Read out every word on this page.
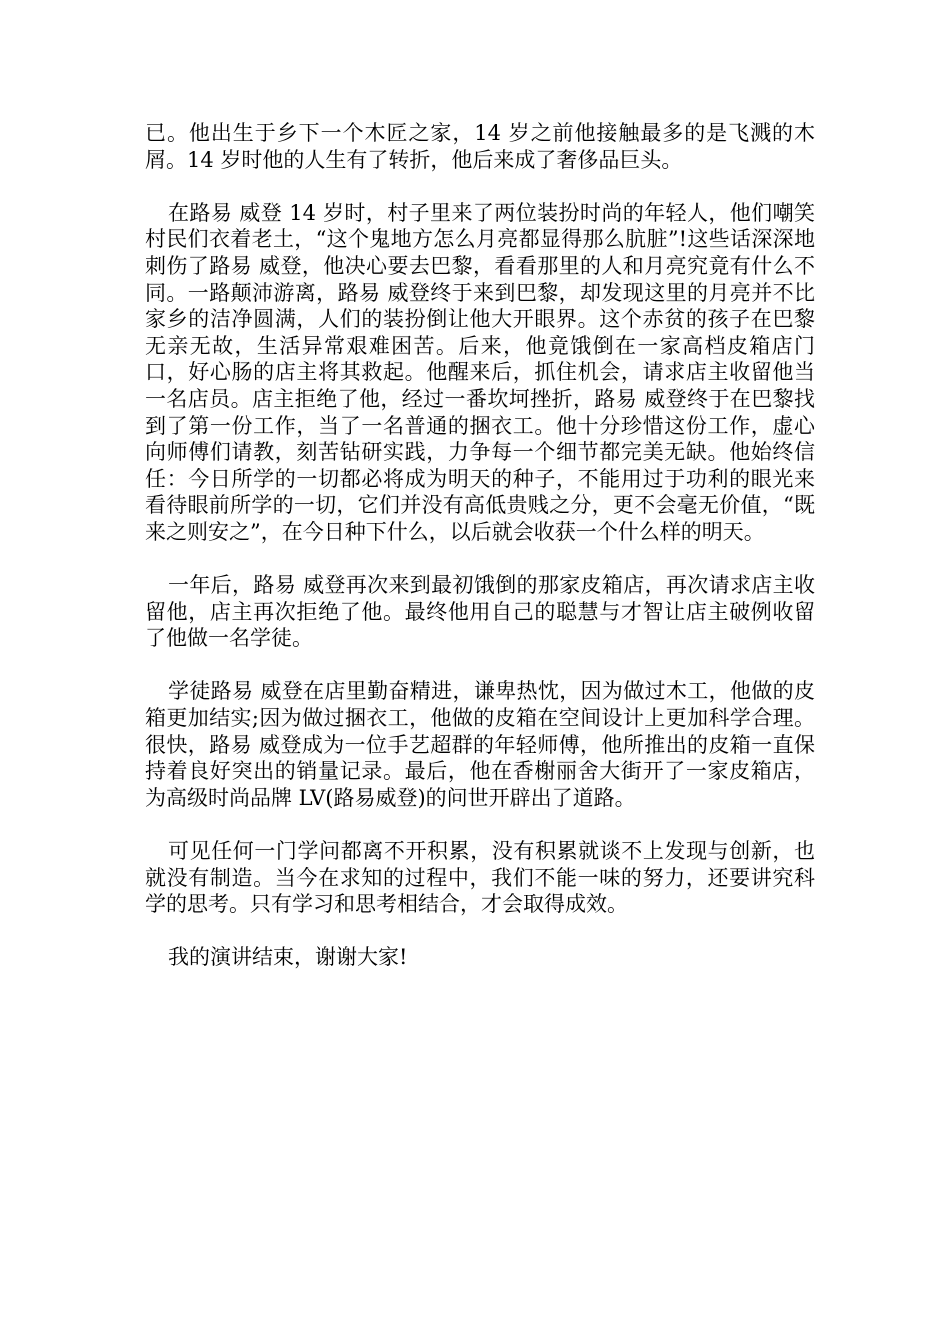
已。他出生于乡下一个木匠之家，14 岁之前他接触最多的是飞溅的木屑。14 岁时他的人生有了转折，他后来成了奢侈品巨头。

在路易 威登 14 岁时，村子里来了两位装扮时尚的年轻人，他们嘲笑村民们衣着老土，“这个鬼地方怎么月亮都显得那么肮脏”!这些话深深地刺伤了路易 威登，他决心要去巴黎，看看那里的人和月亮究竟有什么不同。一路颠沛游离，路易 威登终于来到巴黎，却发现这里的月亮并不比家乡的洁净圆满，人们的装扮倒让他大开眼界。这个赤贫的孩子在巴黎无亲无故，生活异常艰难困苦。后来，他竟饿倒在一家高档皮箱店门口，好心肠的店主将其救起。他醒来后，抓住机会，请求店主收留他当一名店员。店主拒绝了他，经过一番坎坷挫折，路易 威登终于在巴黎找到了第一份工作，当了一名普通的捆衣工。他十分珍惜这份工作，虚心向师傅们请教，刻苦钻研实践，力争每一个细节都完美无缺。他始终信任：今日所学的一切都必将成为明天的种子，不能用过于功利的眼光来看待眼前所学的一切，它们并没有高低贵贱之分，更不会毫无价值，“既来之则安之”，在今日种下什么，以后就会收获一个什么样的明天。

一年后，路易 威登再次来到最初饿倒的那家皮箱店，再次请求店主收留他，店主再次拒绝了他。最终他用自己的聪慧与才智让店主破例收留了他做一名学徒。

学徒路易 威登在店里勤奋精进，谦卑热忱，因为做过木工，他做的皮箱更加结实;因为做过捆衣工，他做的皮箱在空间设计上更加科学合理。很快，路易 威登成为一位手艺超群的年轻师傅，他所推出的皮箱一直保持着良好突出的销量记录。最后，他在香榭丽舍大街开了一家皮箱店，为高级时尚品牌 LV(路易威登)的问世开辟出了道路。

可见任何一门学问都离不开积累，没有积累就谈不上发现与创新，也就没有制造。当今在求知的过程中，我们不能一味的努力，还要讲究科学的思考。只有学习和思考相结合，才会取得成效。

我的演讲结束，谢谢大家!
